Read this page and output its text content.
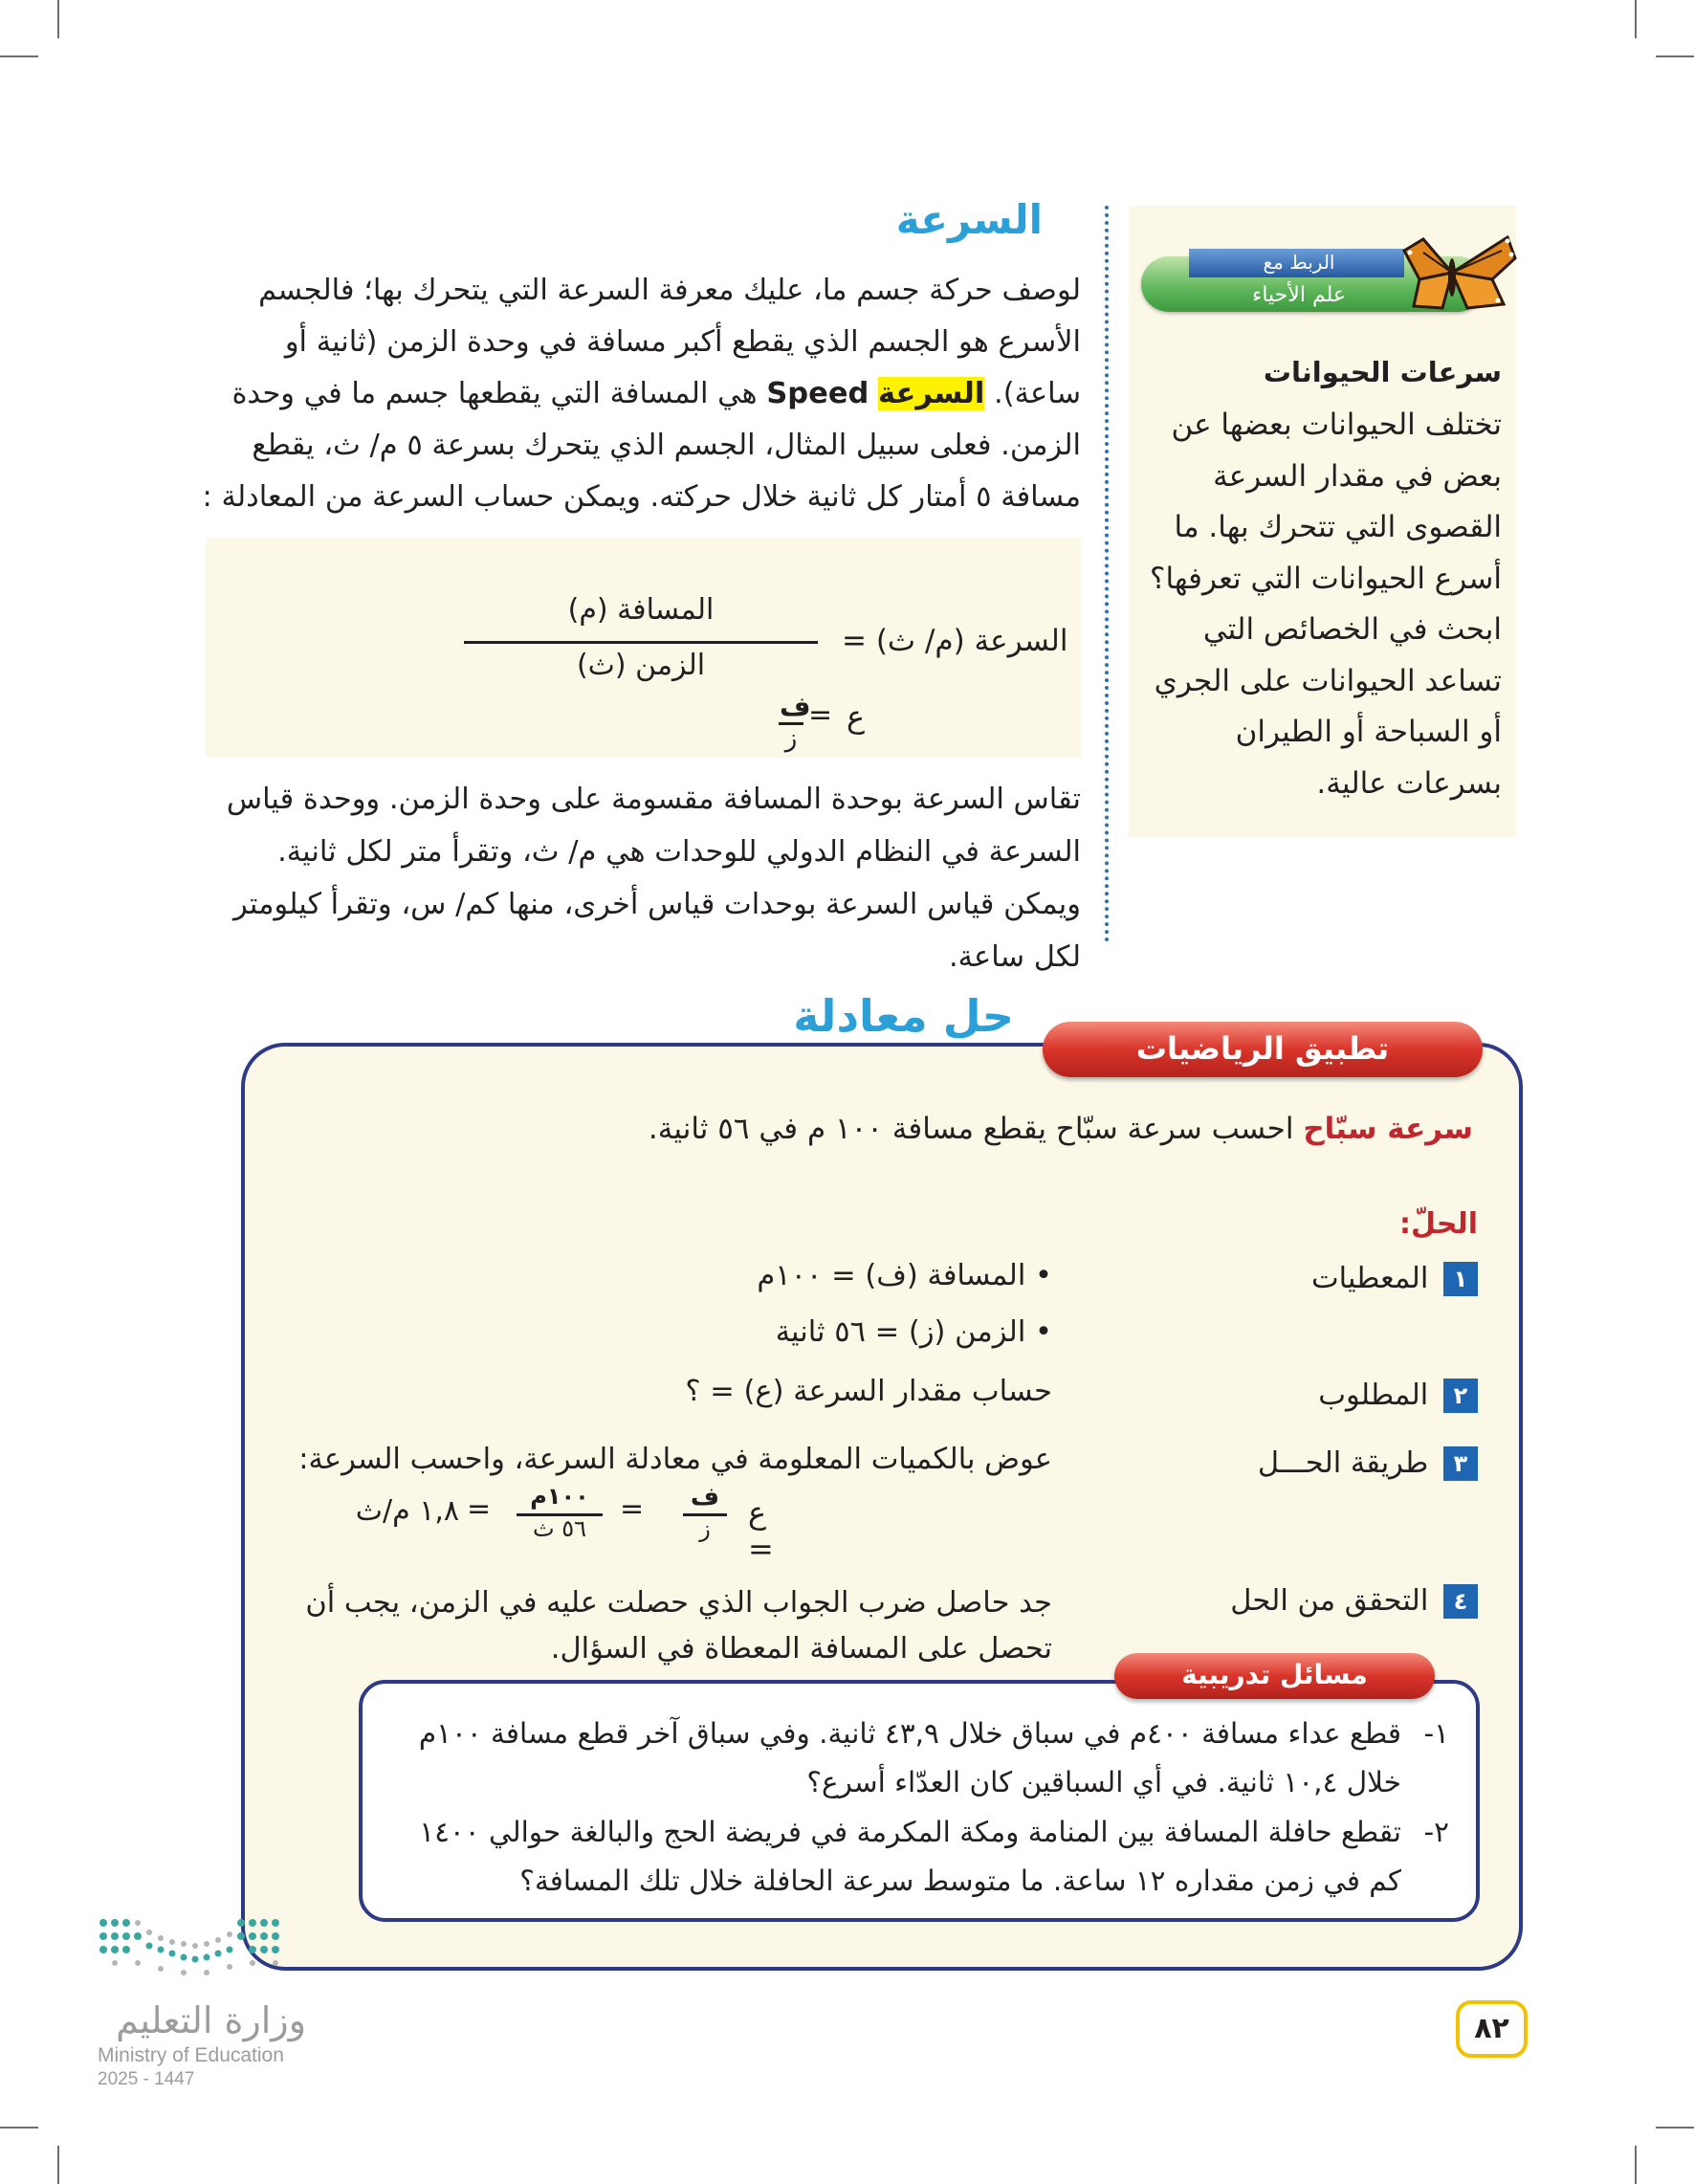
الربط مع
علم الأحياء
سرعات الحيوانات
تختلف الحيوانات بعضها عن بعض في مقدار السرعة القصوى التي تتحرك بها. ما أسرع الحيوانات التي تعرفها؟ ابحث في الخصائص التي تساعد الحيوانات على الجري أو السباحة أو الطيران بسرعات عالية.
السرعة
لوصف حركة جسم ما، عليك معرفة السرعة التي يتحرك بها؛ فالجسم الأسرع هو الجسم الذي يقطع أكبر مسافة في وحدة الزمن (ثانية أو ساعة). السرعة Speed هي المسافة التي يقطعها جسم ما في وحدة الزمن. فعلى سبيل المثال، الجسم الذي يتحرك بسرعة ٥ م/ ث، يقطع مسافة ٥ أمتار كل ثانية خلال حركته. ويمكن حساب السرعة من المعادلة :
السرعة (م/ ث) =
المسافة (م)
الزمن (ث)
ع
=
ف
ز
تقاس السرعة بوحدة المسافة مقسومة على وحدة الزمن. ووحدة قياس السرعة في النظام الدولي للوحدات هي م/ ث، وتقرأ متر لكل ثانية. ويمكن قياس السرعة بوحدات قياس أخرى، منها كم/ س، وتقرأ كيلومتر لكل ساعة.
حل معادلة
تطبيق الرياضيات
سرعة سبّاح احسب سرعة سبّاح يقطع مسافة ١٠٠ م في ٥٦ ثانية.
الحلّ:
١ المعطيات
٢ المطلوب
٣ طريقة الحـــل
٤ التحقق من الحل
• المسافة (ف) = ١٠٠م
• الزمن (ز) = ٥٦ ثانية
حساب مقدار السرعة (ع) = ؟
عوض بالكميات المعلومة في معادلة السرعة، واحسب السرعة:
ع =
ف
ز
=
١٠٠م
٥٦ ث
=
١,٨ م/ث
جد حاصل ضرب الجواب الذي حصلت عليه في الزمن، يجب أن تحصل على المسافة المعطاة في السؤال.
مسائل تدريبية
١-
قطع عداء مسافة ٤٠٠م في سباق خلال ٤٣,٩ ثانية. وفي سباق آخر قطع مسافة ١٠٠م خلال ١٠,٤ ثانية. في أي السباقين كان العدّاء أسرع؟
٢-
تقطع حافلة المسافة بين المنامة ومكة المكرمة في فريضة الحج والبالغة حوالي ١٤٠٠ كم في زمن مقداره ١٢ ساعة. ما متوسط سرعة الحافلة خلال تلك المسافة؟
٨٢
وزارة التعليم
Ministry of Education
2025 - 1447
